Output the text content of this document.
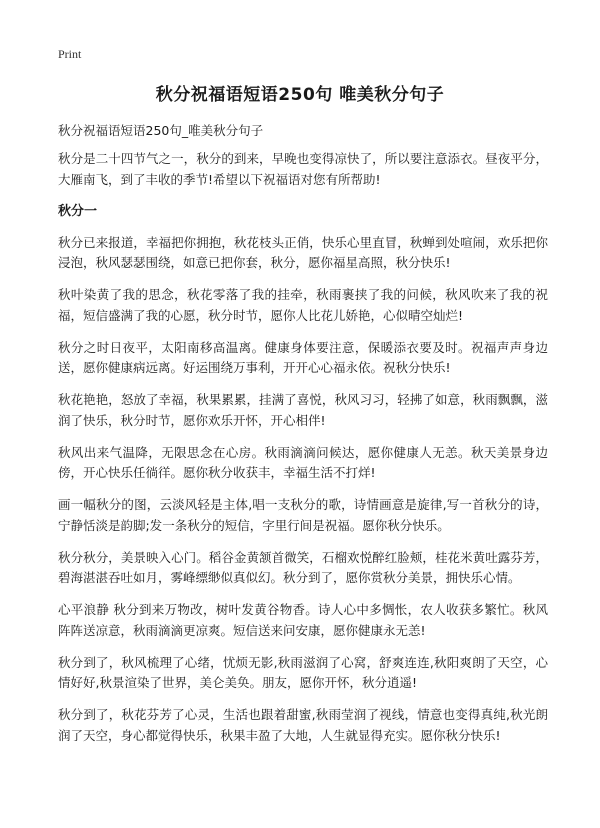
Print
秋分祝福语短语250句 唯美秋分句子
秋分祝福语短语250句_唯美秋分句子

秋分是二十四节气之一，秋分的到来，早晚也变得凉快了，所以要注意添衣。昼夜平分，大雁南飞，到了丰收的季节!希望以下祝福语对您有所帮助!

秋分一

秋分已来报道，幸福把你拥抱，秋花枝头正俏，快乐心里直冒，秋蝉到处喧闹，欢乐把你浸泡，秋风瑟瑟围绕，如意已把你套，秋分，愿你福星高照，秋分快乐!

秋叶染黄了我的思念，秋花零落了我的挂牵，秋雨裹挟了我的问候，秋风吹来了我的祝福，短信盛满了我的心愿，秋分时节，愿你人比花儿娇艳，心似晴空灿烂!

秋分之时日夜平，太阳南移高温离。健康身体要注意，保暖添衣要及时。祝福声声身边送，愿你健康病远离。好运围绕万事利，开开心心福永依。祝秋分快乐!

秋花艳艳，怒放了幸福，秋果累累，挂满了喜悦，秋风习习，轻拂了如意，秋雨飘飘，滋润了快乐，秋分时节，愿你欢乐开怀，开心相伴!

秋风出来气温降，无限思念在心房。秋雨滴滴问候达，愿你健康人无恙。秋天美景身边傍，开心快乐任徜徉。愿你秋分收获丰，幸福生活不打烊!

画一幅秋分的图，云淡风轻是主体,唱一支秋分的歌，诗情画意是旋律,写一首秋分的诗，宁静恬淡是韵脚;发一条秋分的短信，字里行间是祝福。愿你秋分快乐。

秋分秋分，美景映入心门。稻谷金黄颔首微笑，石榴欢悦醉红脸颊，桂花米黄吐露芬芳，碧海湛湛吞吐如月，雾峰缥缈似真似幻。秋分到了，愿你赏秋分美景，拥快乐心情。

心平浪静 秋分到来万物改，树叶发黄谷物香。诗人心中多惆怅，农人收获多繁忙。秋风阵阵送凉意，秋雨滴滴更凉爽。短信送来问安康，愿你健康永无恙!

秋分到了，秋风梳理了心绪，忧烦无影,秋雨滋润了心窝，舒爽连连,秋阳爽朗了天空，心情好好,秋景渲染了世界，美仑美奂。朋友，愿你开怀，秋分逍遥!

秋分到了，秋花芬芳了心灵，生活也跟着甜蜜,秋雨莹润了视线，情意也变得真纯,秋光朗润了天空，身心都觉得快乐，秋果丰盈了大地，人生就显得充实。愿你秋分快乐!
